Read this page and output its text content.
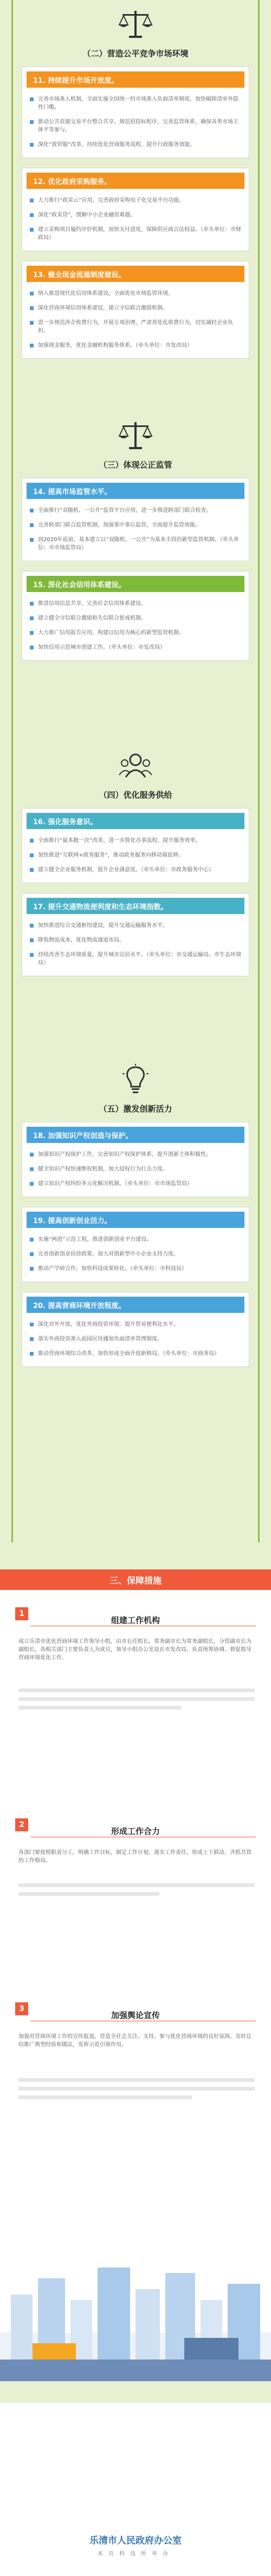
（二）营造公平竞争市场环境
11. 持续提升市场开放度。
完善市场准入机制，全面实施全国统一的市场准入负面清单制度，加快破除清单外隐性门槛。
推动公共资源交易平台整合共享，规范招投标程序，完善监管体系，确保各类市场主体平等参与。
深化“放管服”改革，持续优化营商服务流程，提升行政服务效能。
12. 优化政府采购服务。
大力推行“政采云”应用，完善政府采购电子化交易平台功能。
深化“政采贷”，缓解中小企业融资难题。
建立采购项目履约评价机制，加快支付进度，保障供应商合法权益。（牵头单位：市财政局）
13. 健全现金流通制度建设。
纳入推进现代化信用体系建设，全面优化市场监管环境。
深化营商环境信用体系建设，建立守信联合激励机制。
进一步规范涉企收费行为，开展专项治理，严肃查处乱收费行为，切实减轻企业负担。
加强现金服务，优化金融机构服务体系。（牵头单位：市发改局）
（三）体现公正监管
14. 提高市场监管水平。
全面推行“双随机、一公开”监管平台应用，进一步推进跨部门联合检查。
完善跨部门联合监管机制，加强事中事后监管，全面提升监管效能。
到2020年底前，基本建立以“双随机、一公开”为基本手段的新型监管机制。（牵头单位：市市场监管局）
15. 深化社会信用体系建设。
推进信用信息共享，完善社会信用体系建设。
建立健全守信联合激励和失信联合惩戒机制。
大力推广信用报告应用，构建以信用为核心的新型监管机制。
加快信用示范城市创建工作。（牵头单位：市发改局）
（四）优化服务供给
16. 强化服务意识。
全面推行“最多跑一次”改革，进一步简化办事流程，提升服务效率。
加快推进“互联网+政务服务”，推动政务服务向移动端延伸。
建立健全企业服务机制，提升企业满意度。（牵头单位：市政务服务中心）
17. 提升交通物流便利度和生态环境指数。
加快推进综合交通枢纽建设，提升交通运输服务水平。
降低物流成本，优化物流通道布局。
持续改善生态环境质量，提升城市宜居水平。（牵头单位：市交通运输局、市生态环境局）
（五）激发创新活力
18. 加强知识产权创造与保护。
加强知识产权保护工作，完善知识产权保护体系，提升创新主体积极性。
健全知识产权快速维权机制，加大侵权行为打击力度。
建立知识产权纠纷多元化解决机制。（牵头单位：市市场监管局）
19. 提高创新创业活力。
实施“两创”示范工程，推进创新创业平台建设。
完善创新创业扶持政策，加大对创新型中小企业支持力度。
推动产学研合作，加快科技成果转化。（牵头单位：市科技局）
20. 提高营商环境开放程度。
深化对外开放，优化外商投资环境，提升贸易便利化水平。
落实外商投资准入前国民待遇加负面清单管理制度。
推动营商环境综合改革，加快形成全面开放新格局。（牵头单位：市商务局）
三、保障措施
1
组建工作机构
成立乐清市优化营商环境工作领导小组，由市长任组长，常务副市长为常务副组长，分管副市长为副组长，各相关部门主要负责人为成员，领导小组办公室设在市发改局，负责统筹协调、督促指导营商环境优化工作。
2
形成工作合力
各部门要按照职责分工，明确工作目标，制定工作计划，落实工作责任，形成上下联动、齐抓共管的工作格局。
3
加强舆论宣传
加强对营商环境工作的宣传报道，营造全社会关注、支持、参与优化营商环境的良好氛围。及时总结推广典型经验和做法，发挥示范引领作用。
乐清市人民政府办公室
本页科技所举办
